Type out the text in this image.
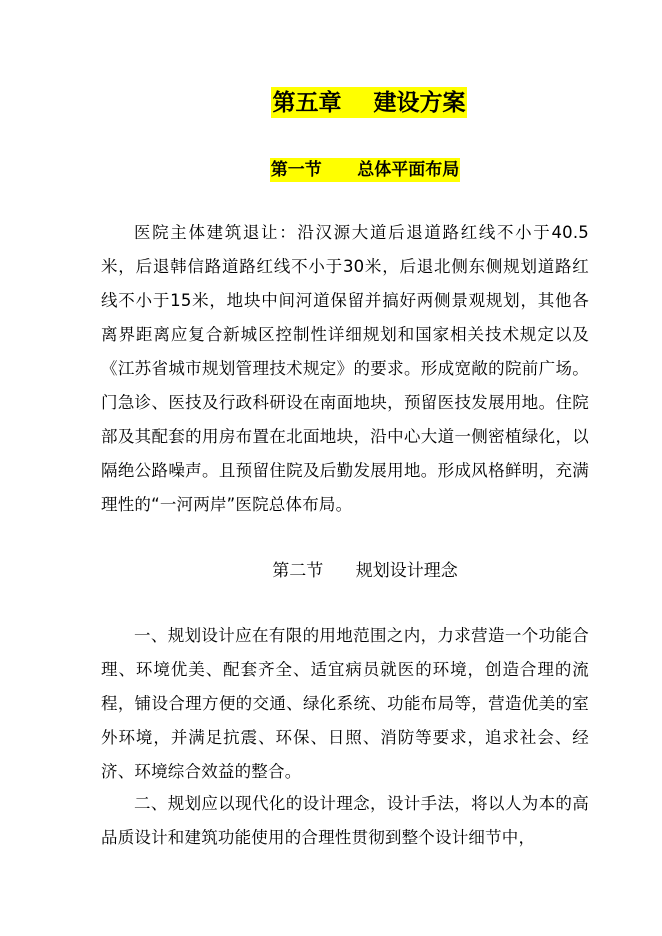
第五章    建设方案
第一节      总体平面布局

医院主体建筑退让：沿汉源大道后退道路红线不小于40.5米，后退韩信路道路红线不小于30米，后退北侧东侧规划道路红线不小于15米，地块中间河道保留并搞好两侧景观规划，其他各离界距离应复合新城区控制性详细规划和国家相关技术规定以及《江苏省城市规划管理技术规定》的要求。形成宽敞的院前广场。门急诊、医技及行政科研设在南面地块，预留医技发展用地。住院部及其配套的用房布置在北面地块，沿中心大道一侧密植绿化，以隔绝公路噪声。且预留住院及后勤发展用地。形成风格鲜明，充满理性的“一河两岸”医院总体布局。

第二节      规划设计理念

一、规划设计应在有限的用地范围之内，力求营造一个功能合理、环境优美、配套齐全、适宜病员就医的环境，创造合理的流程，铺设合理方便的交通、绿化系统、功能布局等，营造优美的室外环境，并满足抗震、环保、日照、消防等要求，追求社会、经济、环境综合效益的整合。

二、规划应以现代化的设计理念，设计手法，将以人为本的高品质设计和建筑功能使用的合理性贯彻到整个设计细节中，
